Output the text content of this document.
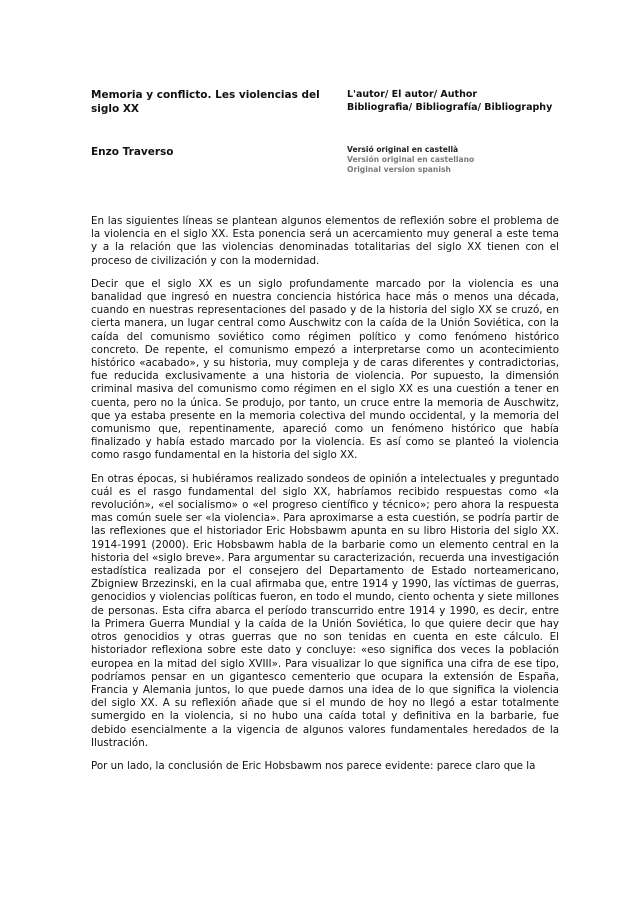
Memoria y conflicto. Les violencias del siglo XX

Enzo Traverso

L'autor/ El autor/ Author

Bibliografia/ Bibliografía/ Bibliography

Versió original en castellà

Versión original en castellano

Original version spanish

En las siguientes líneas se plantean algunos elementos de reflexión sobre el problema de la violencia en el siglo XX. Esta ponencia será un acercamiento muy general a este tema y a la relación que las violencias denominadas totalitarias del siglo XX tienen con el proceso de civilización y con la modernidad.

Decir que el siglo XX es un siglo profundamente marcado por la violencia es una banalidad que ingresó en nuestra conciencia histórica hace más o menos una década, cuando en nuestras representaciones del pasado y de la historia del siglo XX se cruzó, en cierta manera, un lugar central como Auschwitz con la caída de la Unión Soviética, con la caída del comunismo soviético como régimen político y como fenómeno histórico concreto. De repente, el comunismo empezó a interpretarse como un acontecimiento histórico «acabado», y su historia, muy compleja y de caras diferentes y contradictorias, fue reducida exclusivamente a una historia de violencia. Por supuesto, la dimensión criminal masiva del comunismo como régimen en el siglo XX es una cuestión a tener en cuenta, pero no la única. Se produjo, por tanto, un cruce entre la memoria de Auschwitz, que ya estaba presente en la memoria colectiva del mundo occidental, y la memoria del comunismo que, repentinamente, apareció como un fenómeno histórico que había finalizado y había estado marcado por la violencia. Es así como se planteó la violencia como rasgo fundamental en la historia del siglo XX.

En otras épocas, si hubiéramos realizado sondeos de opinión a intelectuales y preguntado cuál es el rasgo fundamental del siglo XX, habríamos recibido respuestas como «la revolución», «el socialismo» o «el progreso científico y técnico»; pero ahora la respuesta mas común suele ser «la violencia». Para aproximarse a esta cuestión, se podría partir de las reflexiones que el historiador Eric Hobsbawm apunta en su libro Historia del siglo XX. 1914-1991 (2000). Eric Hobsbawm habla de la barbarie como un elemento central en la historia del «siglo breve». Para argumentar su caracterización, recuerda una investigación estadística realizada por el consejero del Departamento de Estado norteamericano, Zbigniew Brzezinski, en la cual afirmaba que, entre 1914 y 1990, las víctimas de guerras, genocidios y violencias políticas fueron, en todo el mundo, ciento ochenta y siete millones de personas. Esta cifra abarca el período transcurrido entre 1914 y 1990, es decir, entre la Primera Guerra Mundial y la caída de la Unión Soviética, lo que quiere decir que hay otros genocidios y otras guerras que no son tenidas en cuenta en este cálculo. El historiador reflexiona sobre este dato y concluye: «eso significa dos veces la población europea en la mitad del siglo XVIII». Para visualizar lo que significa una cifra de ese tipo, podríamos pensar en un gigantesco cementerio que ocupara la extensión de España, Francia y Alemania juntos, lo que puede darnos una idea de lo que significa la violencia del siglo XX. A su reflexión añade que si el mundo de hoy no llegó a estar totalmente sumergido en la violencia, si no hubo una caída total y definitiva en la barbarie, fue debido esencialmente a la vigencia de algunos valores fundamentales heredados de la Ilustración.

Por un lado, la conclusión de Eric Hobsbawm nos parece evidente: parece claro que la
